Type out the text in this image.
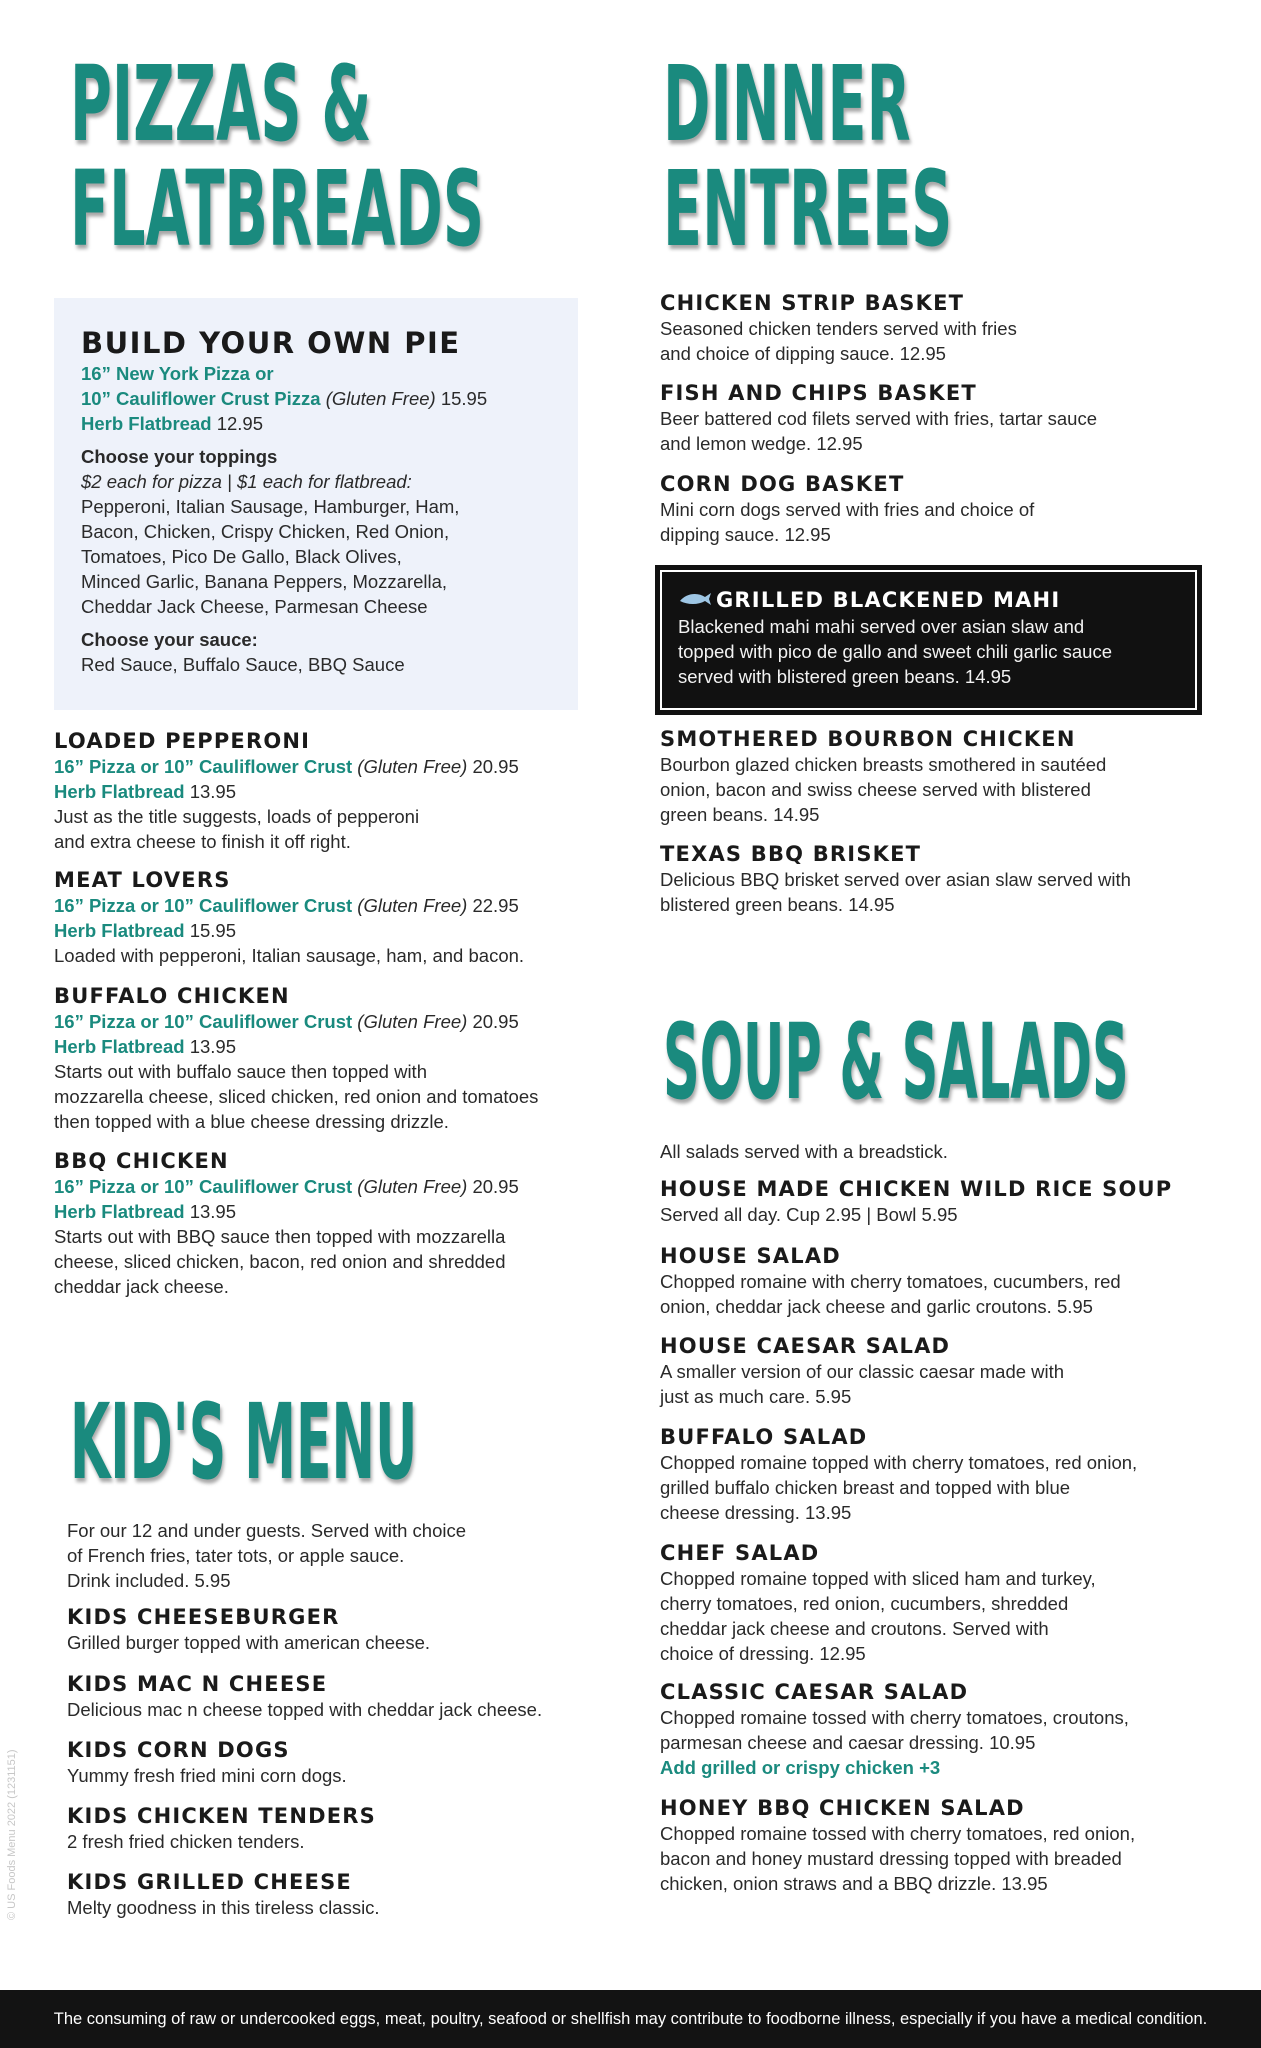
PIZZAS &
FLATBREADS
DINNER
ENTREES
SOUP & SALADS
KID'S MENU
BUILD YOUR OWN PIE
16” New York Pizza or
10” Cauliflower Crust Pizza (Gluten Free) 15.95
Herb Flatbread 12.95
Choose your toppings
$2 each for pizza | $1 each for flatbread:
Pepperoni, Italian Sausage, Hamburger, Ham,
Bacon, Chicken, Crispy Chicken, Red Onion,
Tomatoes, Pico De Gallo, Black Olives,
Minced Garlic, Banana Peppers, Mozzarella,
Cheddar Jack Cheese, Parmesan Cheese
Choose your sauce:
Red Sauce, Buffalo Sauce, BBQ Sauce
LOADED PEPPERONI
16” Pizza or 10” Cauliflower Crust (Gluten Free) 20.95
Herb Flatbread 13.95
Just as the title suggests, loads of pepperoni
and extra cheese to finish it off right.
MEAT LOVERS
16” Pizza or 10” Cauliflower Crust (Gluten Free) 22.95
Herb Flatbread 15.95
Loaded with pepperoni, Italian sausage, ham, and bacon.
BUFFALO CHICKEN
16” Pizza or 10” Cauliflower Crust (Gluten Free) 20.95
Herb Flatbread 13.95
Starts out with buffalo sauce then topped with
mozzarella cheese, sliced chicken, red onion and tomatoes
then topped with a blue cheese dressing drizzle.
BBQ CHICKEN
16” Pizza or 10” Cauliflower Crust (Gluten Free) 20.95
Herb Flatbread 13.95
Starts out with BBQ sauce then topped with mozzarella
cheese, sliced chicken, bacon, red onion and shredded
cheddar jack cheese.
For our 12 and under guests. Served with choice
of French fries, tater tots, or apple sauce.
Drink included. 5.95
KIDS CHEESEBURGER
Grilled burger topped with american cheese.
KIDS MAC N CHEESE
Delicious mac n cheese topped with cheddar jack cheese.
KIDS CORN DOGS
Yummy fresh fried mini corn dogs.
KIDS CHICKEN TENDERS
2 fresh fried chicken tenders.
KIDS GRILLED CHEESE
Melty goodness in this tireless classic.
CHICKEN STRIP BASKET
Seasoned chicken tenders served with fries
and choice of dipping sauce. 12.95
FISH AND CHIPS BASKET
Beer battered cod filets served with fries, tartar sauce
and lemon wedge. 12.95
CORN DOG BASKET
Mini corn dogs served with fries and choice of
dipping sauce. 12.95
SMOTHERED BOURBON CHICKEN
Bourbon glazed chicken breasts smothered in sautéed
onion, bacon and swiss cheese served with blistered
green beans. 14.95
TEXAS BBQ BRISKET
Delicious BBQ brisket served over asian slaw served with
blistered green beans. 14.95
GRILLED BLACKENED MAHI
Blackened mahi mahi served over asian slaw and
topped with pico de gallo and sweet chili garlic sauce
served with blistered green beans. 14.95
All salads served with a breadstick.
HOUSE MADE CHICKEN WILD RICE SOUP
Served all day. Cup 2.95 | Bowl 5.95
HOUSE SALAD
Chopped romaine with cherry tomatoes, cucumbers, red
onion, cheddar jack cheese and garlic croutons. 5.95
HOUSE CAESAR SALAD
A smaller version of our classic caesar made with
just as much care. 5.95
BUFFALO SALAD
Chopped romaine topped with cherry tomatoes, red onion,
grilled buffalo chicken breast and topped with blue
cheese dressing. 13.95
CHEF SALAD
Chopped romaine topped with sliced ham and turkey,
cherry tomatoes, red onion, cucumbers, shredded
cheddar jack cheese and croutons. Served with
choice of dressing. 12.95
CLASSIC CAESAR SALAD
Chopped romaine tossed with cherry tomatoes, croutons,
parmesan cheese and caesar dressing. 10.95
Add grilled or crispy chicken +3
HONEY BBQ CHICKEN SALAD
Chopped romaine tossed with cherry tomatoes, red onion,
bacon and honey mustard dressing topped with breaded
chicken, onion straws and a BBQ drizzle. 13.95
© US Foods Menu 2022 (1231151)
The consuming of raw or undercooked eggs, meat, poultry, seafood or shellfish may contribute to foodborne illness, especially if you have a medical condition.
